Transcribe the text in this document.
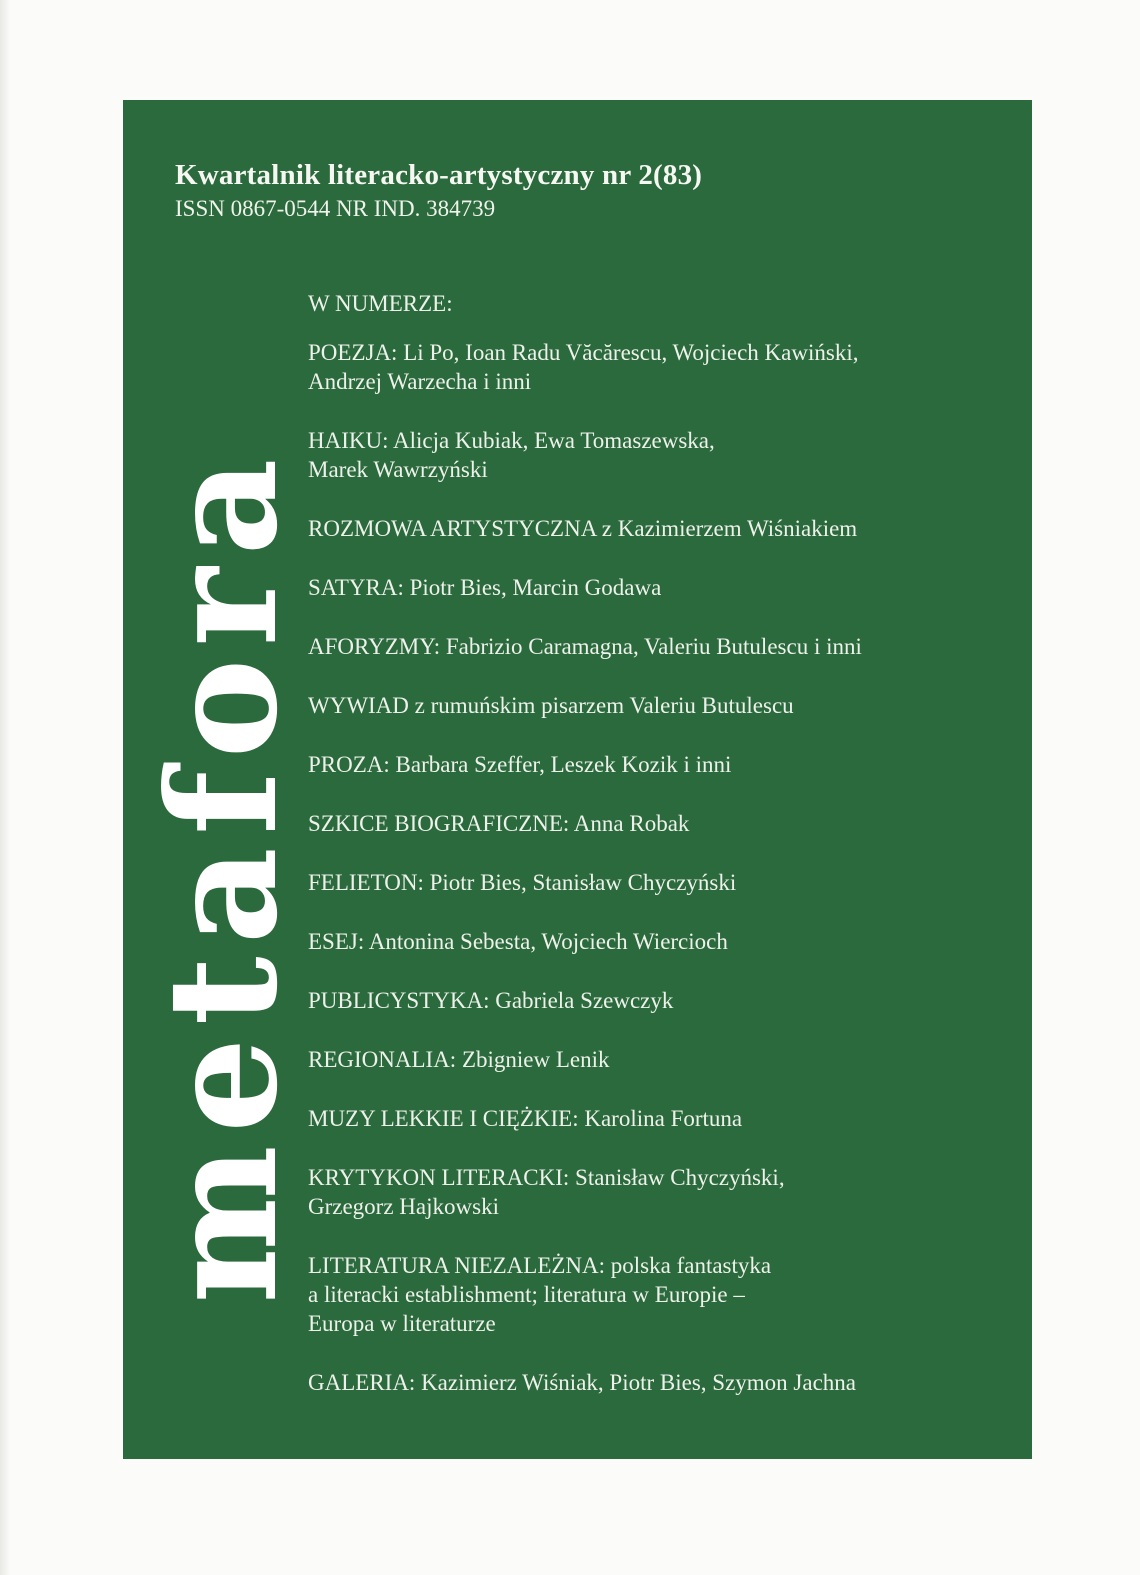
Kwartalnik literacko-artystyczny nr 2(83)
ISSN 0867-0544 NR IND. 384739
metafora
W NUMERZE:
POEZJA: Li Po, Ioan Radu Văcărescu, Wojciech Kawiński,
Andrzej Warzecha i inni
HAIKU: Alicja Kubiak, Ewa Tomaszewska,
Marek Wawrzyński
ROZMOWA ARTYSTYCZNA z Kazimierzem Wiśniakiem
SATYRA: Piotr Bies, Marcin Godawa
AFORYZMY: Fabrizio Caramagna, Valeriu Butulescu i inni
WYWIAD z rumuńskim pisarzem Valeriu Butulescu
PROZA: Barbara Szeffer, Leszek Kozik i inni
SZKICE BIOGRAFICZNE: Anna Robak
FELIETON: Piotr Bies, Stanisław Chyczyński
ESEJ: Antonina Sebesta, Wojciech Wiercioch
PUBLICYSTYKA: Gabriela Szewczyk
REGIONALIA: Zbigniew Lenik
MUZY LEKKIE I CIĘŻKIE: Karolina Fortuna
KRYTYKON LITERACKI: Stanisław Chyczyński,
Grzegorz Hajkowski
LITERATURA NIEZALEŻNA: polska fantastyka
a literacki establishment; literatura w Europie –
Europa w literaturze
GALERIA: Kazimierz Wiśniak, Piotr Bies, Szymon Jachna
